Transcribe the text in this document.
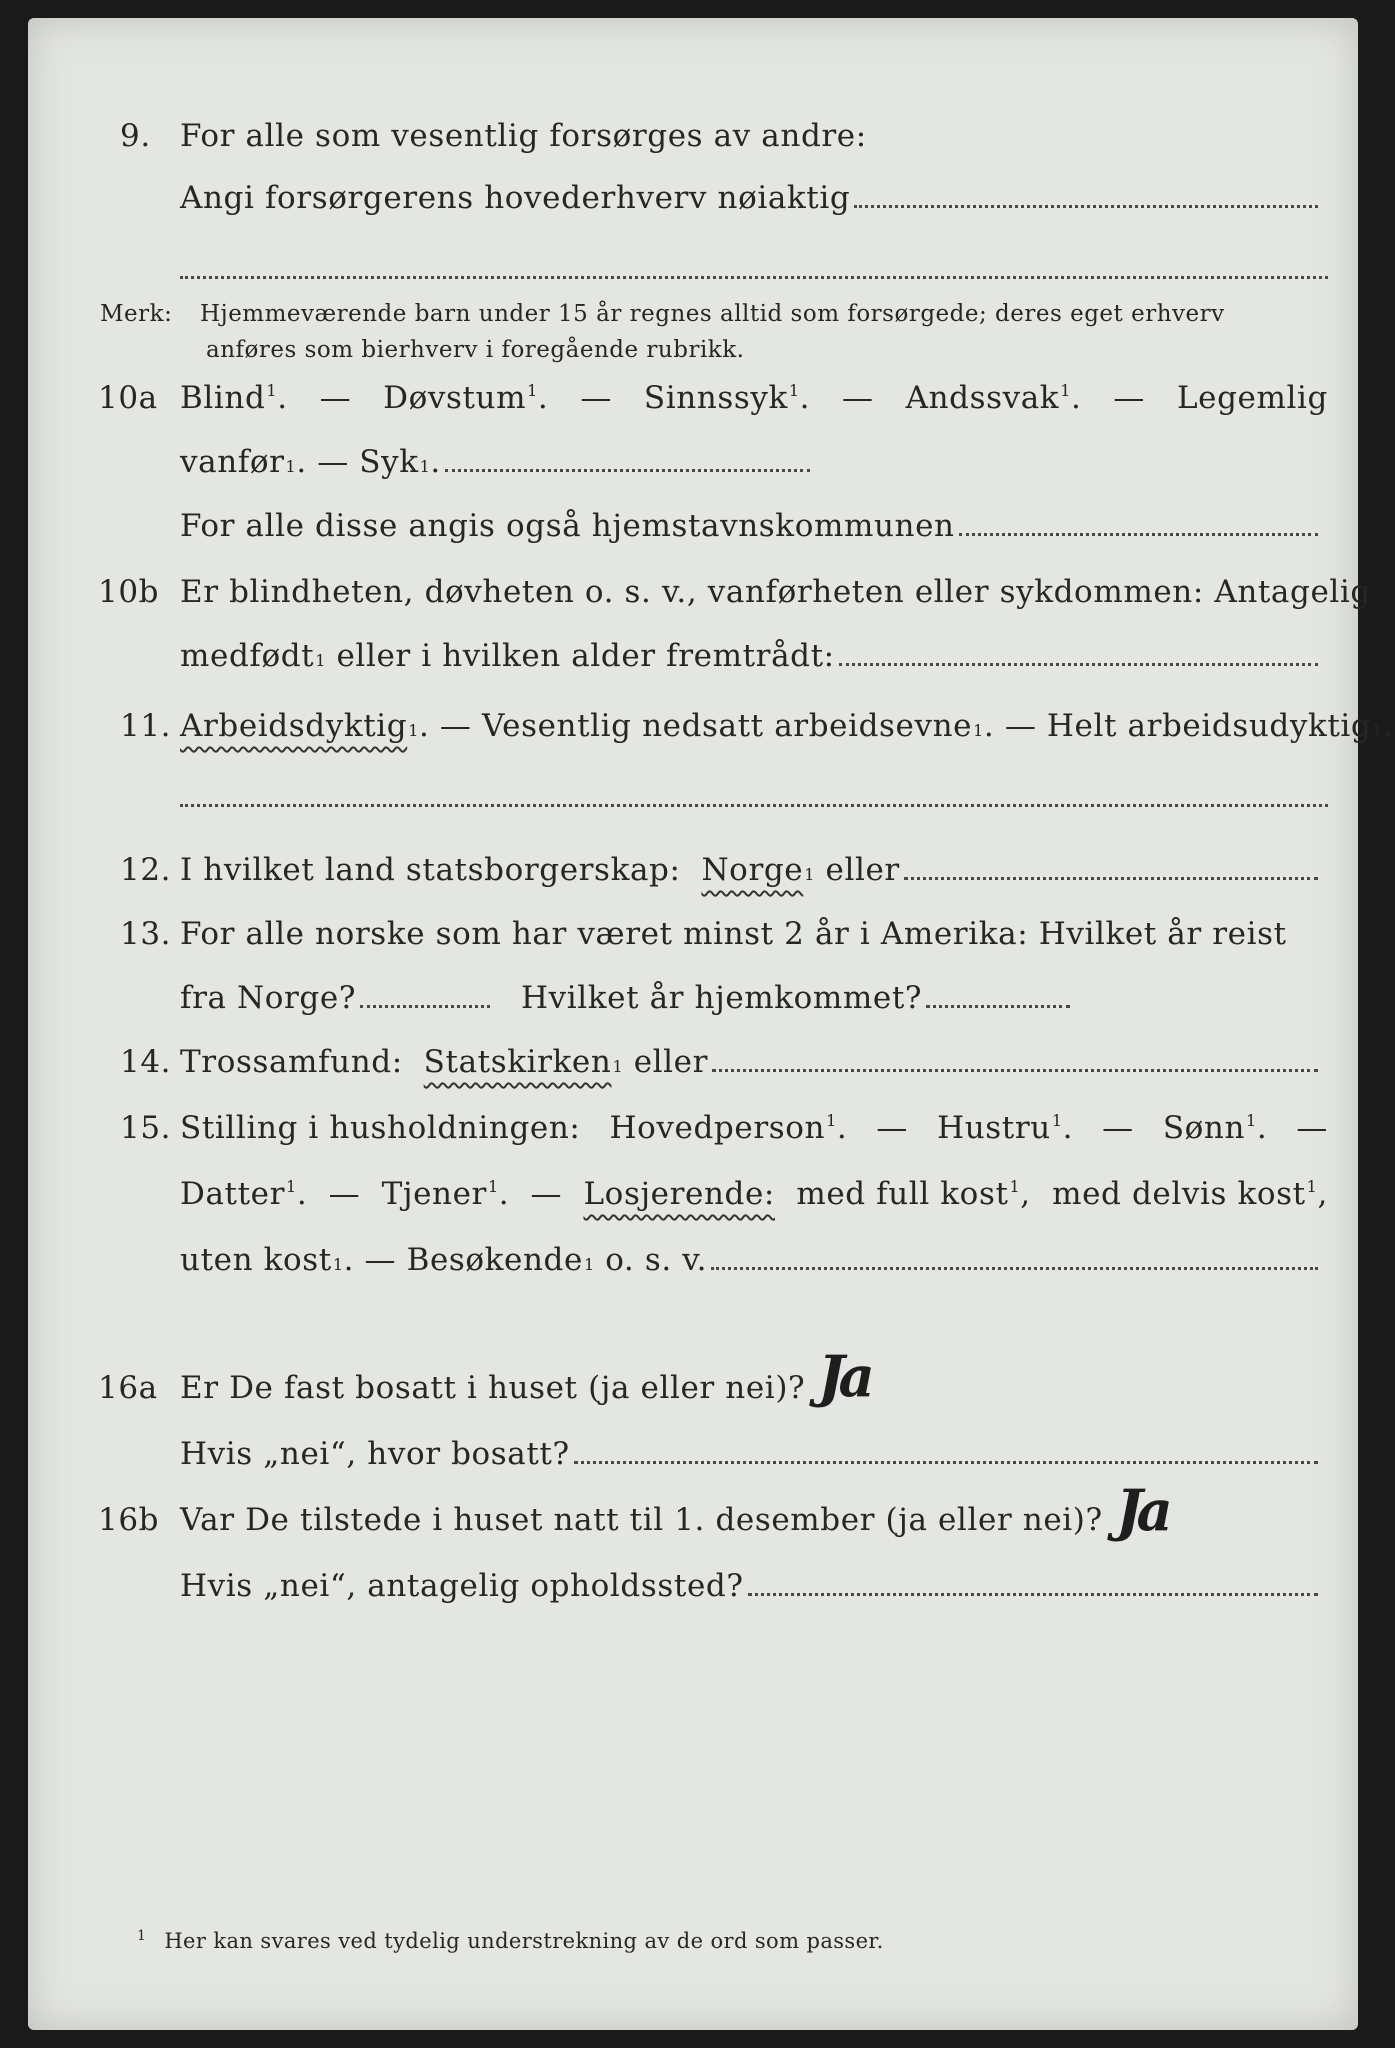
9. For alle som vesentlig forsørges av andre:
Angi forsørgerens hovederhverv nøiaktig
Merk: Hjemmeværende barn under 15 år regnes alltid som forsørgede; deres eget erhverv
anføres som bierhverv i foregående rubrikk.
10a Blind$^1$. — Døvstum$^1$. — Sinnssyk$^1$. — Andssvak$^1$. — Legemlig
vanfør 1 . — Syk 1 .
For alle disse angis også hjemstavnskommunen
10b Er blindheten, døvheten o. s. v., vanførheten eller sykdommen: Antagelig
medfødt 1
eller i hvilken alder fremtrådt:
11. Arbeidsdyktig 1 . — Vesentlig nedsatt arbeidsevne 1 . — Helt arbeidsudyktig 1 .
12. I hvilket land statsborgerskap:
Norge 1
eller
13. For alle norske som har været minst 2 år i Amerika: Hvilket år reist
fra Norge?
	Hvilket år hjemkommet?
14. Trossamfund:
Statskirken 1
eller
15. Stilling i husholdningen: Hovedperson$^1$. — Hustru$^1$. — Sønn$^1$. —
Datter$^1$. — Tjener$^1$. — Losjerende: med full kost$^1$, med delvis kost$^1$,
uten kost 1 . — Besøkende 1
o. s. v.
16a Er De fast bosatt i huset (ja eller nei)? Ja
Hvis „nei“, hvor bosatt?
16b Var De tilstede i huset natt til 1. desember (ja eller nei)? Ja
Hvis „nei“, antagelig opholdssted?
$^1$ Her kan svares ved tydelig understrekning av de ord som passer.
